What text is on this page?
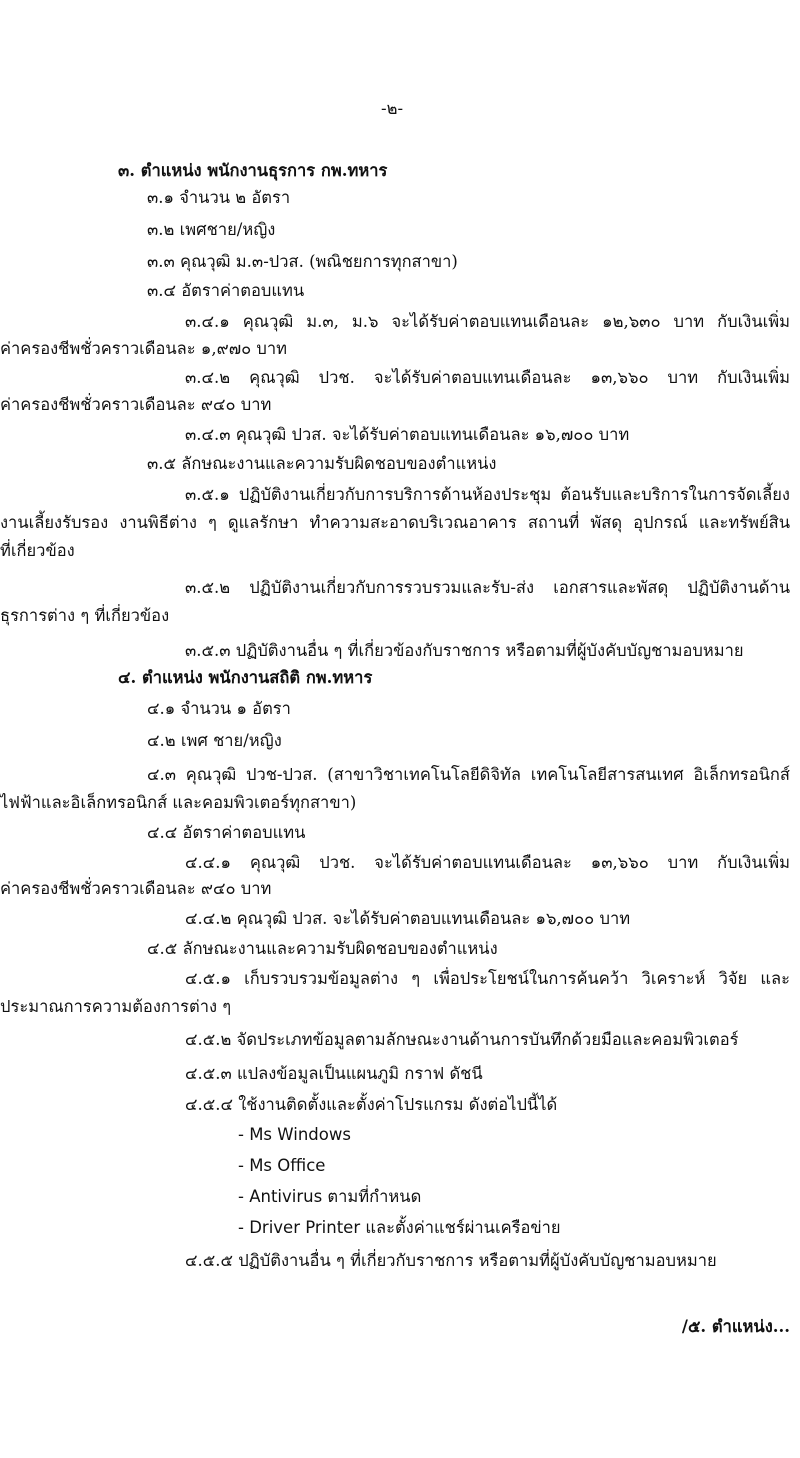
-๒-
๓. ตำแหน่ง พนักงานธุรการ กพ.ทหาร
๓.๑ จำนวน ๒ อัตรา
๓.๒ เพศชาย/หญิง
๓.๓ คุณวุฒิ ม.๓-ปวส. (พณิชยการทุกสาขา)
๓.๔ อัตราค่าตอบแทน
๓.๔.๑ คุณวุฒิ ม.๓, ม.๖ จะได้รับค่าตอบแทนเดือนละ ๑๒,๖๓๐ บาท กับเงินเพิ่ม
ค่าครองชีพชั่วคราวเดือนละ ๑,๙๗๐ บาท
๓.๔.๒ คุณวุฒิ ปวช. จะได้รับค่าตอบแทนเดือนละ ๑๓,๖๖๐ บาท กับเงินเพิ่ม
ค่าครองชีพชั่วคราวเดือนละ ๙๔๐ บาท
๓.๔.๓ คุณวุฒิ ปวส. จะได้รับค่าตอบแทนเดือนละ ๑๖,๗๐๐ บาท
๓.๕ ลักษณะงานและความรับผิดชอบของตำแหน่ง
๓.๕.๑ ปฏิบัติงานเกี่ยวกับการบริการด้านห้องประชุม ต้อนรับและบริการในการจัดเลี้ยง
งานเลี้ยงรับรอง งานพิธีต่าง ๆ ดูแลรักษา ทำความสะอาดบริเวณอาคาร สถานที่ พัสดุ อุปกรณ์ และทรัพย์สิน
ที่เกี่ยวข้อง
๓.๕.๒ ปฏิบัติงานเกี่ยวกับการรวบรวมและรับ-ส่ง เอกสารและพัสดุ ปฏิบัติงานด้าน
ธุรการต่าง ๆ ที่เกี่ยวข้อง
๓.๕.๓ ปฏิบัติงานอื่น ๆ ที่เกี่ยวข้องกับราชการ หรือตามที่ผู้บังคับบัญชามอบหมาย
๔. ตำแหน่ง พนักงานสถิติ กพ.ทหาร
๔.๑ จำนวน ๑ อัตรา
๔.๒ เพศ ชาย/หญิง
๔.๓ คุณวุฒิ ปวช-ปวส. (สาขาวิชาเทคโนโลยีดิจิทัล เทคโนโลยีสารสนเทศ อิเล็กทรอนิกส์
ไฟฟ้าและอิเล็กทรอนิกส์ และคอมพิวเตอร์ทุกสาขา)
๔.๔ อัตราค่าตอบแทน
๔.๔.๑ คุณวุฒิ ปวช. จะได้รับค่าตอบแทนเดือนละ ๑๓,๖๖๐ บาท กับเงินเพิ่ม
ค่าครองชีพชั่วคราวเดือนละ ๙๔๐ บาท
๔.๔.๒ คุณวุฒิ ปวส. จะได้รับค่าตอบแทนเดือนละ ๑๖,๗๐๐ บาท
๔.๕ ลักษณะงานและความรับผิดชอบของตำแหน่ง
๔.๕.๑ เก็บรวบรวมข้อมูลต่าง ๆ เพื่อประโยชน์ในการค้นคว้า วิเคราะห์ วิจัย และ
ประมาณการความต้องการต่าง ๆ
๔.๕.๒ จัดประเภทข้อมูลตามลักษณะงานด้านการบันทึกด้วยมือและคอมพิวเตอร์
๔.๕.๓ แปลงข้อมูลเป็นแผนภูมิ กราฟ ดัชนี
๔.๕.๔ ใช้งานติดตั้งและตั้งค่าโปรแกรม ดังต่อไปนี้ได้
- Ms Windows
- Ms Office
- Antivirus ตามที่กำหนด
- Driver Printer และตั้งค่าแชร์ผ่านเครือข่าย
๔.๕.๕ ปฏิบัติงานอื่น ๆ ที่เกี่ยวกับราชการ หรือตามที่ผู้บังคับบัญชามอบหมาย
/๕. ตำแหน่ง...
